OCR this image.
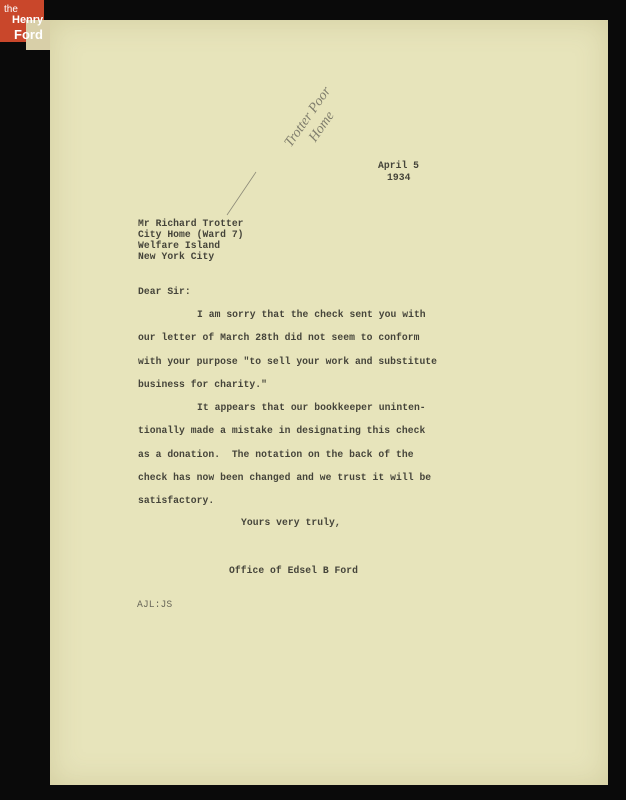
the
Henry
Ford
Trotter Poor Home
April 5
1934
Mr Richard Trotter
City Home (Ward 7)
Welfare Island
New York City
Dear Sir:
I am sorry that the check sent you with
our letter of March 28th did not seem to conform
with your purpose "to sell your work and substitute
business for charity."
It appears that our bookkeeper uninten-
tionally made a mistake in designating this check
as a donation.  The notation on the back of the
check has now been changed and we trust it will be
satisfactory.
Yours very truly,
Office of Edsel B Ford
AJL:JS
